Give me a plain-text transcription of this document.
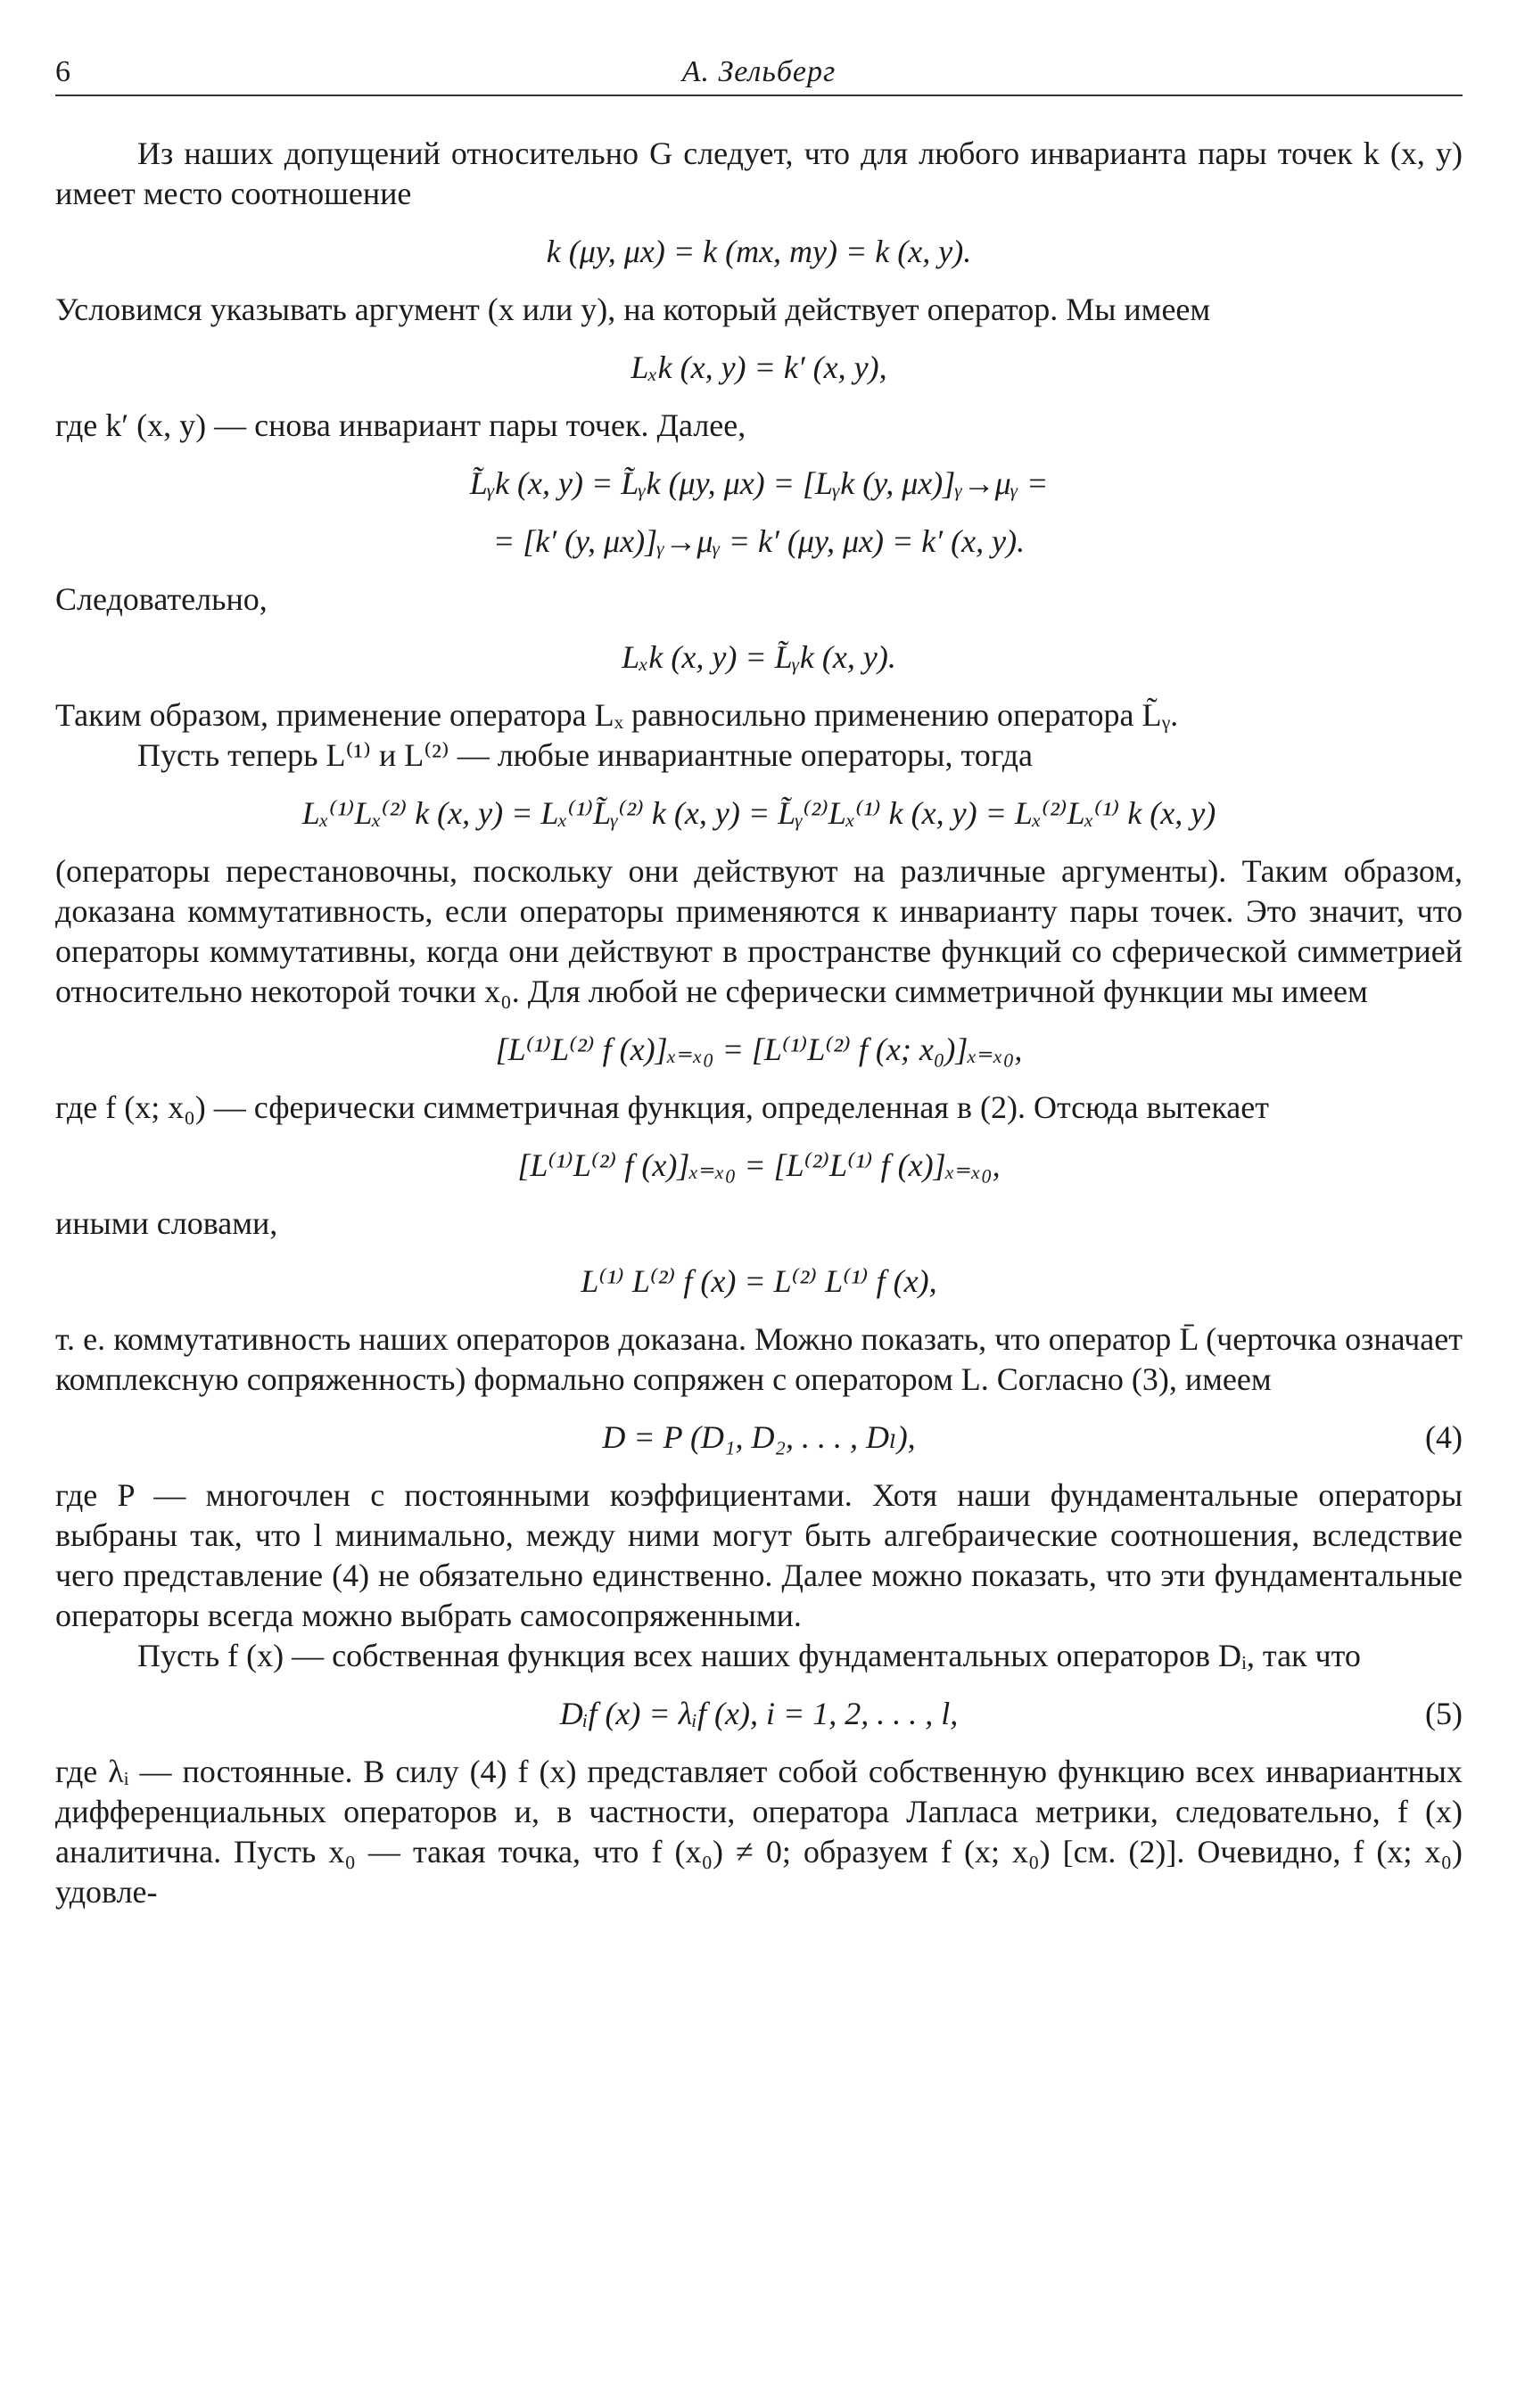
6	А. Зельберг

Из наших допущений относительно G следует, что для любого инварианта пары точек k (x, y) имеет место соотношение

k (μy, μx) = k (mx, my) = k (x, y).

Условимся указывать аргумент (x или y), на который действует оператор. Мы имеем

Lₓk (x, y) = k′ (x, y),

где k′ (x, y) — снова инвариант пары точек. Далее,

L̃ᵧk (x, y) = L̃ᵧk (μy, μx) = [Lᵧk (y, μx)]ᵧ→μᵧ =
= [k′ (y, μx)]ᵧ→μᵧ = k′ (μy, μx) = k′ (x, y).

Следовательно,

Lₓk (x, y) = L̃ᵧk (x, y).

Таким образом, применение оператора Lₓ равносильно применению оператора L̃ᵧ.

Пусть теперь L⁽¹⁾ и L⁽²⁾ — любые инвариантные операторы, тогда

Lₓ⁽¹⁾Lₓ⁽²⁾ k (x, y) = Lₓ⁽¹⁾L̃ᵧ⁽²⁾ k (x, y) = L̃ᵧ⁽²⁾Lₓ⁽¹⁾ k (x, y) = Lₓ⁽²⁾Lₓ⁽¹⁾ k (x, y)

(операторы перестановочны, поскольку они действуют на различные аргументы). Таким образом, доказана коммутативность, если операторы применяются к инварианту пары точек. Это значит, что операторы коммутативны, когда они действуют в пространстве функций со сферической симметрией относительно некоторой точки x₀. Для любой не сферически симметричной функции мы имеем

[L⁽¹⁾L⁽²⁾ f (x)]ₓ₌ₓ₀ = [L⁽¹⁾L⁽²⁾ f (x; x₀)]ₓ₌ₓ₀,

где f (x; x₀) — сферически симметричная функция, определенная в (2). Отсюда вытекает

[L⁽¹⁾L⁽²⁾ f (x)]ₓ₌ₓ₀ = [L⁽²⁾L⁽¹⁾ f (x)]ₓ₌ₓ₀,

иными словами,

L⁽¹⁾ L⁽²⁾ f (x) = L⁽²⁾ L⁽¹⁾ f (x),

т. е. коммутативность наших операторов доказана. Можно показать, что оператор L̄ (черточка означает комплексную сопряженность) формально сопряжен с оператором L. Согласно (3), имеем

D = P (D₁, D₂, . . . , Dₗ),	(4)

где P — многочлен с постоянными коэффициентами. Хотя наши фундаментальные операторы выбраны так, что l минимально, между ними могут быть алгебраические соотношения, вследствие чего представление (4) не обязательно единственно. Далее можно показать, что эти фундаментальные операторы всегда можно выбрать самосопряженными.

Пусть f (x) — собственная функция всех наших фундаментальных операторов Dᵢ, так что

Dᵢf (x) = λᵢf (x), i = 1, 2, . . . , l,	(5)

где λᵢ — постоянные. В силу (4) f (x) представляет собой собственную функцию всех инвариантных дифференциальных операторов и, в частности, оператора Лапласа метрики, следовательно, f (x) аналитична. Пусть x₀ — такая точка, что f (x₀) ≠ 0; образуем f (x; x₀) [см. (2)]. Очевидно, f (x; x₀) удовле-
